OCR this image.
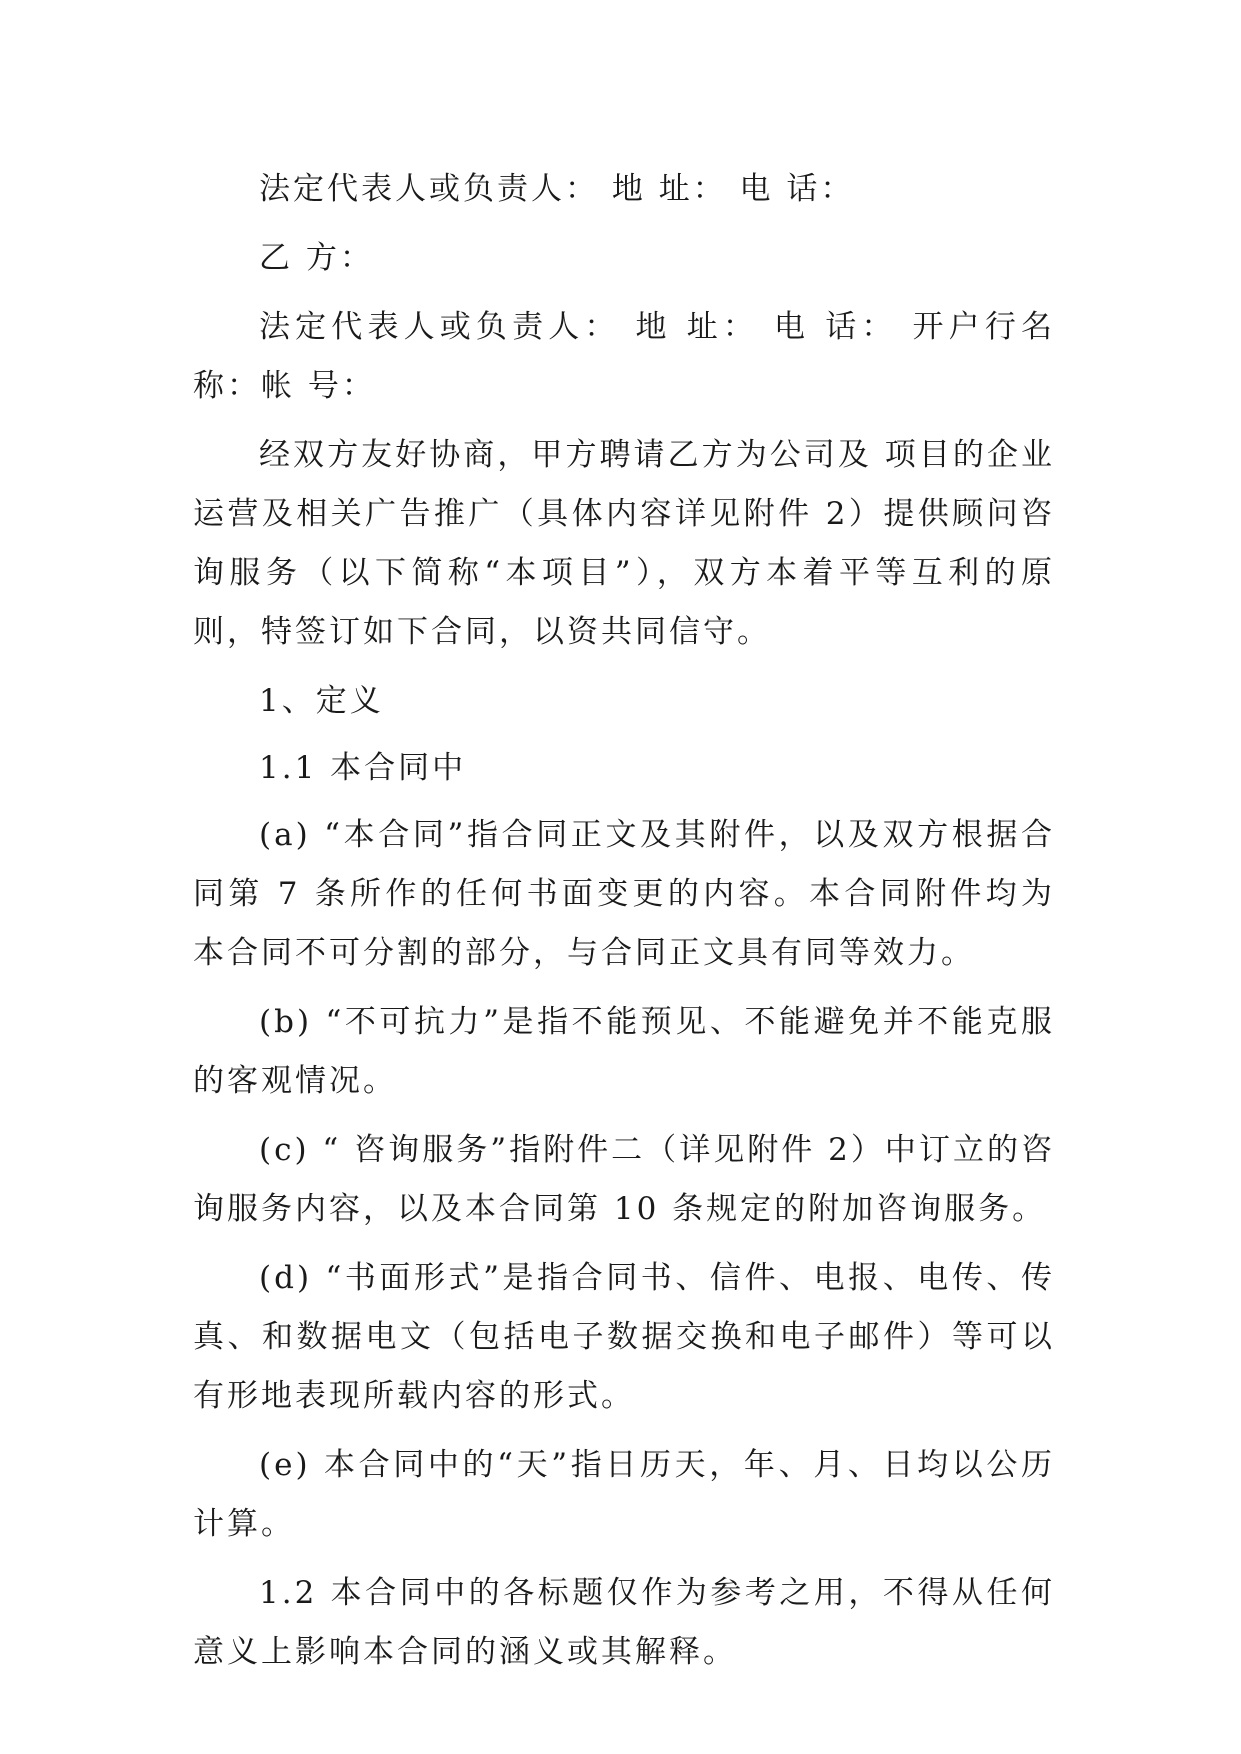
法定代表人或负责人： 地 址： 电 话：

乙 方：

法定代表人或负责人： 地 址： 电 话： 开户行名称：帐 号：

经双方友好协商，甲方聘请乙方为公司及 项目的企业运营及相关广告推广（具体内容详见附件 2）提供顾问咨询服务（以下简称“本项目”），双方本着平等互利的原则，特签订如下合同，以资共同信守。

1、定义

1.1 本合同中

(a) “本合同”指合同正文及其附件，以及双方根据合同第 7 条所作的任何书面变更的内容。本合同附件均为本合同不可分割的部分，与合同正文具有同等效力。

(b) “不可抗力”是指不能预见、不能避免并不能克服的客观情况。

(c) “ 咨询服务”指附件二（详见附件 2）中订立的咨询服务内容，以及本合同第 10 条规定的附加咨询服务。

(d) “书面形式”是指合同书、信件、电报、电传、传真、和数据电文（包括电子数据交换和电子邮件）等可以有形地表现所载内容的形式。

(e) 本合同中的“天”指日历天，年、月、日均以公历计算。

1.2 本合同中的各标题仅作为参考之用，不得从任何意义上影响本合同的涵义或其解释。
